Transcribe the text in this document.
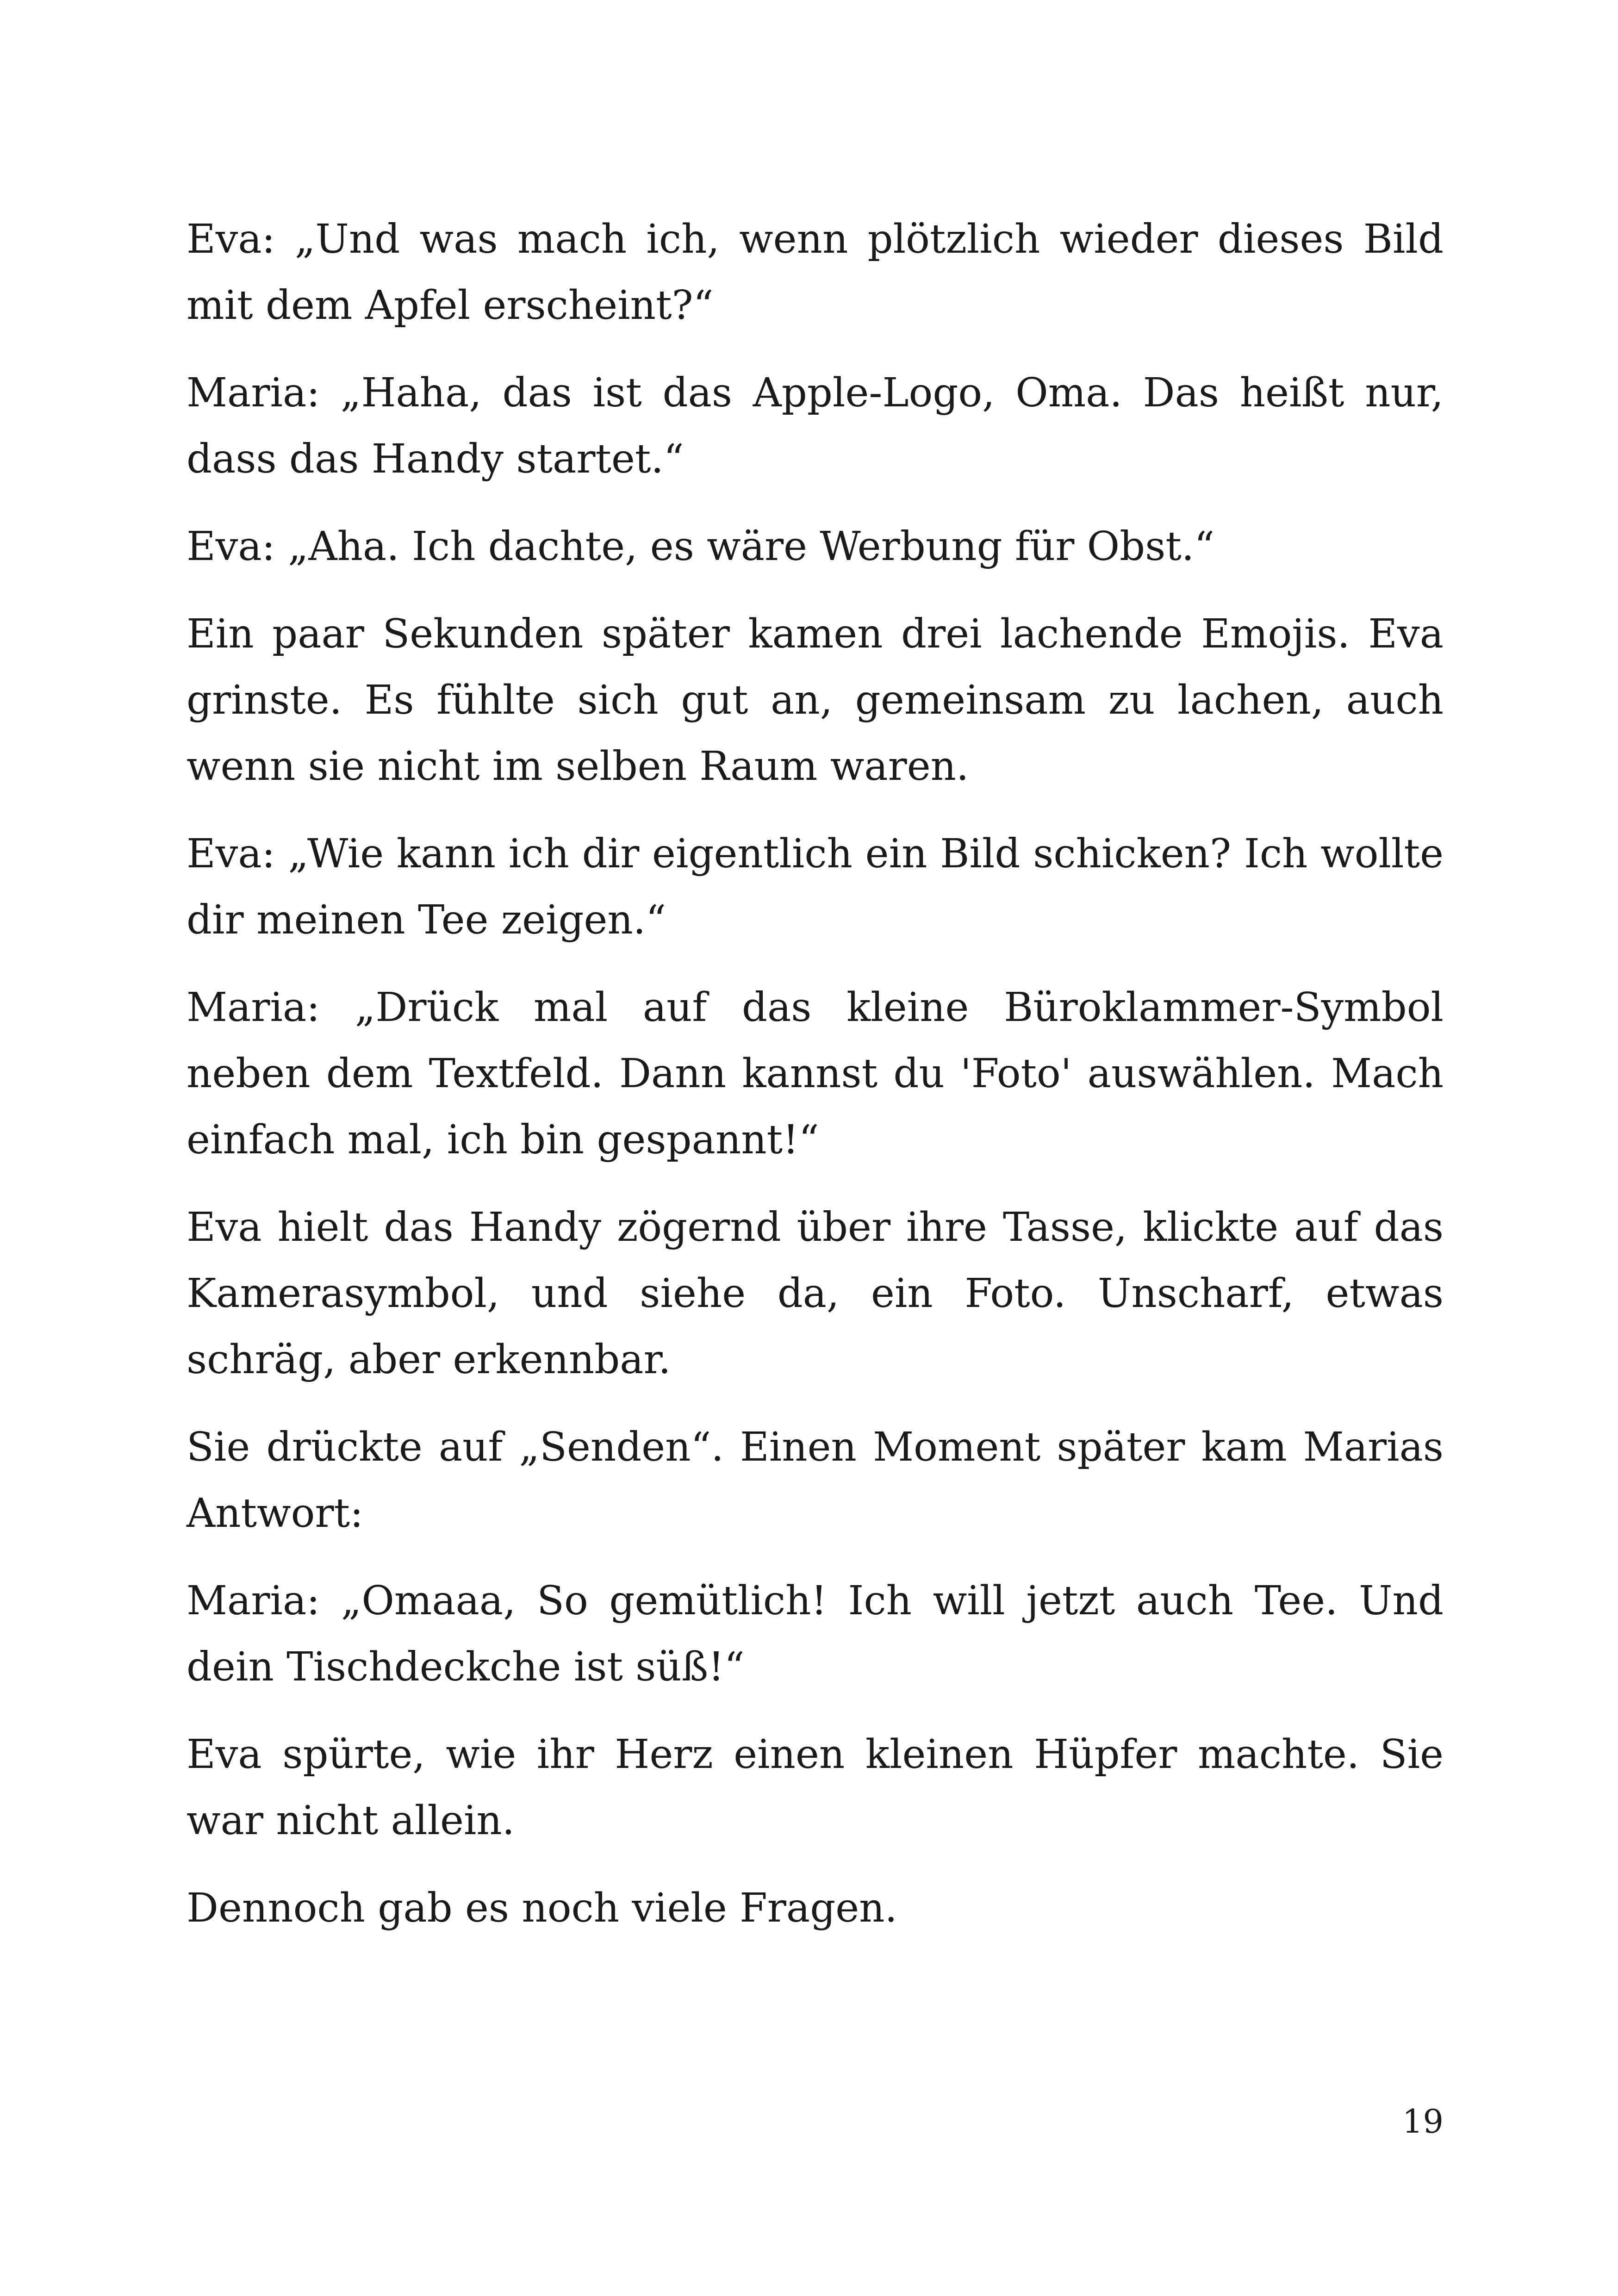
Eva: „Und was mach ich, wenn plötzlich wieder dieses Bild mit dem Apfel erscheint?“

Maria: „Haha, das ist das Apple-Logo, Oma. Das heißt nur, dass das Handy startet.“

Eva: „Aha. Ich dachte, es wäre Werbung für Obst.“

Ein paar Sekunden später kamen drei lachende Emojis. Eva grinste. Es fühlte sich gut an, gemeinsam zu lachen, auch wenn sie nicht im selben Raum waren.

Eva: „Wie kann ich dir eigentlich ein Bild schicken? Ich wollte dir meinen Tee zeigen.“

Maria: „Drück mal auf das kleine Büroklammer-Symbol neben dem Textfeld. Dann kannst du 'Foto' auswählen. Mach einfach mal, ich bin gespannt!“

Eva hielt das Handy zögernd über ihre Tasse, klickte auf das Kamerasymbol, und siehe da, ein Foto. Unscharf, etwas schräg, aber erkennbar.

Sie drückte auf „Senden“. Einen Moment später kam Marias Antwort:

Maria: „Omaaa, So gemütlich! Ich will jetzt auch Tee. Und dein Tischdeckche ist süß!“

Eva spürte, wie ihr Herz einen kleinen Hüpfer machte. Sie war nicht allein.

Dennoch gab es noch viele Fragen.

19
